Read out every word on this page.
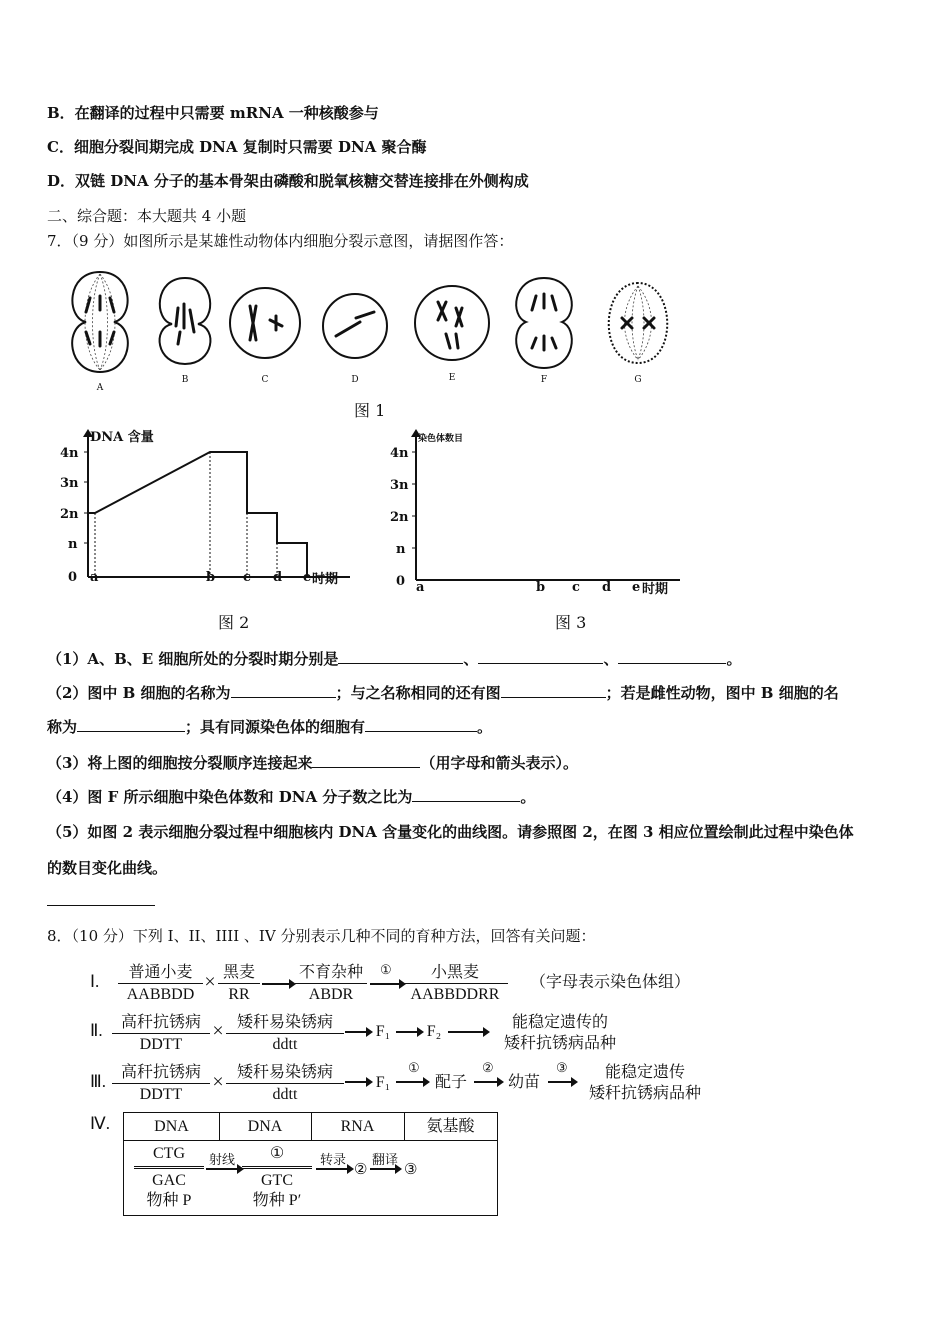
B．在翻译的过程中只需要 mRNA 一种核酸参与
C．细胞分裂间期完成 DNA 复制时只需要 DNA 聚合酶
D．双链 DNA 分子的基本骨架由磷酸和脱氧核糖交替连接排在外侧构成
二、综合题：本大题共 4 小题
7．（9 分）如图所示是某雄性动物体内细胞分裂示意图，请据图作答：
A
B	C	D	E	F	G
图 1
DNA 含量
4n
3n
2n
n
0 a	b c d e 时期
图 2
染色体数目
4n
3n
2n
n
0 a	b c d e 时期
图 3
（1）A、B、E 细胞所处的分裂时期分别是	、	、	。
（2）图中 B 细胞的名称为	；与之名称相同的还有图	；若是雌性动物，图中 B 细胞的名
称为	；具有同源染色体的细胞有	。
（3）将上图的细胞按分裂顺序连接起来	（用字母和箭头表示）。
（4）图 F 所示细胞中染色体数和 DNA 分子数之比为	。
（5）如图 2 表示细胞分裂过程中细胞核内 DNA 含量变化的曲线图。请参照图 2，在图 3 相应位置绘制此过程中染色体
的数目变化曲线。
8．（10 分）下列 I、II、IIII 、IV 分别表示几种不同的育种方法，回答有关问题：
Ⅰ.	普通小麦
AABBDD
× 黑麦
RR
不育杂种
ABDR
①	小黑麦
AABBDDRR
（字母表示染色体组）
Ⅱ.	高秆抗锈病
DDTT
× 矮秆易染锈病
ddtt
F₁ F₂
能稳定遗传的
矮秆抗锈病品种
Ⅲ. 高秆抗锈病
DDTT
× 矮秆易染锈病
ddtt
F₁
①
配子
②
幼苗
③	能稳定遗传
矮秆抗锈病品种
Ⅳ.	DNA	DNA	RNA	氨基酸
CTG
GAC
物种 P
射线	①
GTC
物种 P′
转录
②
翻译
③
